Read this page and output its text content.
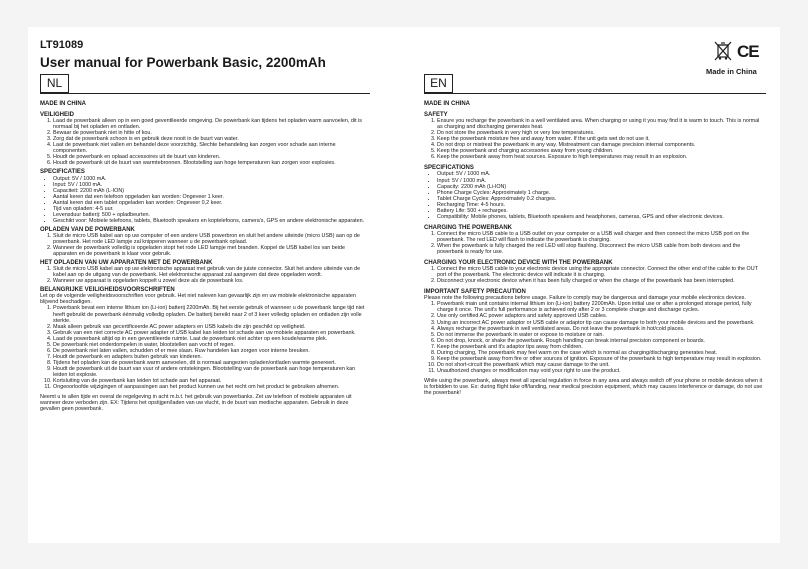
LT91089
User manual for Powerbank Basic, 2200mAh
CE
Made in China
NL	EN
MADE IN CHINA
VEILIGHEID
1. Laad de powerbank alleen op in een goed geventileerde omgeving. De powerbank kan tijdens het opladen warm aanvoelen, dit is normaal bij het opladen en ontladen.
2. Bewaar de powerbank niet in hitte of kou.
3. Zorg dat de powerbank schoon is en gebruik deze nooit in de buurt van water.
4. Laat de powerbank niet vallen en behandel deze voorzichtig. Slechte behandeling kan zorgen voor schade aan interne componenten.
5. Houdt de powerbank en oplaad accessoires uit de buurt van kinderen.
6. Houdt de powerbank uit de buurt van warmtebronnen. Blootstelling aan hoge temperaturen kan zorgen voor explosies.
SPECIFICATIES
• Output: 5V / 1000 mA.
• Input: 5V / 1000 mA.
• Capaciteit: 2200 mAh (L-ION)
• Aantal keren dat een telefoon opgeladen kan worden: Ongeveer 1 keer.
• Aantal keren dat een tablet opgeladen kan worden: Ongeveer 0,2 keer.
• Tijd van opladen: 4-5 uur.
• Levensduur batterij: 500 + opladbeurten.
• Geschikt voor: Mobiele telefoons, tablets, Bluetooth speakers en koptelefoons, camera's, GPS en andere elektronische apparaten.
OPLADEN VAN DE POWERBANK
1. Sluit de micro USB kabel aan op uw computer of een andere USB powerbron en sluit het andere uiteinde (micro USB) aan op de powerbank. Het rode LED lampje zal knipperen wanneer u de powerbank oplaad.
2. Wanneer de powerbank volledig is opgeladen stopt het rode LED lampje met branden. Koppel de USB kabel los van beide apparaten en de powerbank is klaar voor gebruik.
HET OPLADEN VAN UW APPARATEN MET DE POWERBANK
1. Sluit de micro USB kabel aan op uw elektronische apparaat met gebruik van de juiste connector. Sluit het andere uiteinde van de kabel aan op de uitgang van de powerbank. Het elektronische apparaat zal aangeven dat deze opgeladen wordt.
2. Wanneer uw apparaat is opgeladen koppelt u zowel deze als de powerbank los.
BELANGRIJKE VEILIGHEIDSVOORSCHRIFTEN

Let op de volgende veiligheidsvoorschriften voor gebruik. Het niet naleven kan gevaarlijk zijn en uw mobiele elektronische apparaten blijvend beschadigen.

1. Powerbank bevat een interne lithium ion (Li-ion) batterij 2200mAh. Bij het eerste gebruik of wanneer u de powerbank lange tijd niet heeft gebruikt de powerbank éénmalig volledig opladen. De batterij bereikt naar 2 of 3 keer volledig opladen en ontladen zijn volle sterkte.
2. Maak alleen gebruik van gecertificeerde AC power adapters en USB kabels die zijn geschikt op veiligheid.
3. Gebruik van een niet correcte AC power adapter of USB kabel kan leiden tot schade aan uw mobiele apparaten en powerbank.
4. Laad de powerbank altijd op in een geventileerde ruimte. Laat de powerbank niet achter op een koude/warme plek.
5. De powerbank niet onderdompelen in water, blootstellen aan vocht of regen.
6. De powerbank niet laten vallen, schudden of er mee slaan. Ruw handelen kan zorgen voor interne breuken.
7. Houdt de powerbank en adapters buiten gebruik van kinderen.
8. Tijdens het opladen kan de powerbank warm aanvoelen, dit is normaal aangezien opladen/ontladen warmte genereert.
9. Houdt de powerbank uit de buurt van vuur of andere ontstekingen. Blootstelling van de powerbank aan hoge temperaturen kan leiden tot explosie.
10. Kortsluiting van de powerbank kan leiden tot schade aan het apparaat.
11. Ongeoorloofde wijzigingen of aanpassingen aan het product kunnen uw het recht om het product te gebruiken afnemen.

Neemt u te allen tijde en overal de regelgeving in acht m.b.t. het gebruik van powerbanks. Zet uw telefoon of mobiele apparaten uit wanneer deze verboden zijn. EX: Tijdens het opstijgen/laden van uw vlucht, in de buurt van medische apparaten. Gebruik in deze gevallen geen powerbank.

MADE IN CHINA
SAFETY
1. Ensure you recharge the powerbank in a well ventilated area. When charging or using it you may find it is warm to touch. This is normal as charging and discharging generates heat.
2. Do not store the powerbank in very high or very low temperatures.
3. Keep the powerbank moisture free and away from water. If the unit gets wet do not use it.
4. Do not drop or mistreat the powerbank in any way. Mistreatment can damage precision internal components.
5. Keep the powerbank and charging accessories away from young children.
6. Keep the powerbank away from heat sources. Exposure to high temperatures may result in an explosion.
SPECIFICATIONS
• Output: 5V / 1000 mA.
• Input: 5V / 1000 mA.
• Capacity: 2200 mAh (Li-ION)
• Phone Charge Cycles: Approximately 1 charge.
• Tablet Charge Cycles: Approximately 0.2 charges.
• Recharging Time: 4-5 hours.
• Battery Life: 500 + recharges.
• Compatibility: Mobile phones, tablets, Bluetooth speakers and headphones, cameras, GPS and other electronic devices.
CHARGING THE POWERBANK
1. Connect the micro USB cable to a USB outlet on your computer or a USB wall charger and then connect the micro USB port on the powerbank. The red LED will flash to indicate the powerbank is charging.
2. When the powerbank is fully charged the red LED will stop flashing. Disconnect the micro USB cable from both devices and the powerbank is ready for use.
CHARGING YOUR ELECTRONIC DEVICE WITH THE POWERBANK
1. Connect the micro USB cable to your electronic device using the appropriate connector. Connect the other end of the cable to the OUT port of the powerbank. The electronic device will indicate it is charging.
2. Disconnect your electronic device when it has been fully charged or when the charge of the powerbank has been interrupted.
IMPORTANT SAFETY PRECAUTION

Please note the following precautions before usage. Failure to comply may be dangerous and damage your mobile electronics devices.

1. Powerbank main unit contains internal lithium ion (Li-ion) battery 2200mAh. Upon initial use or after a prolonged storage period, fully charge it once. The unit's full performance is achieved only after 2 or 3 complete charge and discharge cycles.
2. Use only certified AC power adaptors and safety approved USB cables.
3. Using an incorrect AC power adaptor or USB cable or adaptor tip can cause damage to both your mobile devices and the powerbank.
4. Always recharge the powerbank in well ventilated areas. Do not leave the powerbank in hot/cold places.
5. Do not immerse the powerbank in water or expose to moisture or rain.
6. Do not drop, knock, or shake the powerbank. Rough handling can break internal precision component or boards.
7. Keep the powerbank and it's adaptor tips away from children.
8. During charging, The powerbank may feel warm on the case which is normal as charging/discharging generates heat.
9. Keep the powerbank away from fire or other sources of ignition. Exposure of the powerbank to high temperature may result in explosion.
10. Do not short-circuit the powerbank which may cause damage to the unit.
11. Unauthorized changes or modification may void your right to use the product.

While using the powerbank, always meet all special regulation in force in any area and always switch off your phone or mobile devices when it is forbidden to use. Ex: during flight take off/landing, near medical precision equipment, which may causes interference or damage, do not use the powerbank!
